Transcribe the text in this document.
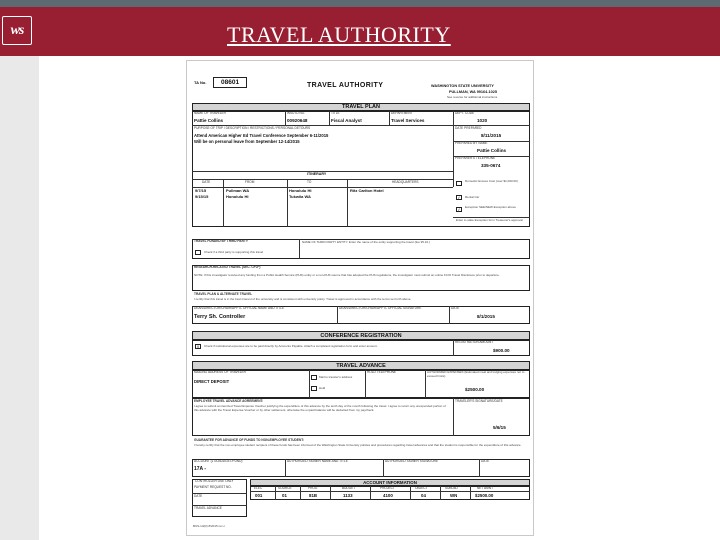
ws	TRAVEL AUTHORITY
TA No. 08601	TRAVEL AUTHORITY	WASHINGTON STATE UNIVERSITY
PULLMAN, WA 99164-1025
See reverse for additional instructions
TRAVEL PLAN
NAME OF TRAVELER
Pattie Collins
WSU ID NO.
00920648
TITLE
Fiscal Analyst
DEPARTMENT
Travel Services
DEPT. CODE
1020
PURPOSE OF TRIP / DESCRIPTION / RESTRICTIONS / PERSONAL DETOURS
Attend American Higher Ed Travel Conference September 6-11/2015
Will be on personal leave from September 12-14/2015
DATE PREPARED
8/11/2015
PREPARED BY NAME
Pattie Collins
PREPARER'S TELEPHONE
335-0674
ITINERARY
DATE	FROM	TO	HEADQUARTERS
9/7/15	Pullman WA	Honolulu HI	Ritz Carlton Hotel
9/15/15	Honolulu HI	Tukwila WA
Domestic Excess Cost (over $1,000.00)
✓	Rental Car
✓	Exception SEE/NEW Exception above
Enter in-state Exception form Treasurer's approval
TRAVEL FUNDED BY THIRD PARTY
Check if a third party is supporting this travel
NAME OF THIRD PARTY ENTITY. Enter the name of the entity supporting the travel (fee 95.10.)
RESEARCH-RELATED TRAVEL (SEC. CFO*)
NOTE: If this investigator received any funding from a Public Health Service (PHS) entity or a non-PHS source that has adopted the PHS regulations, the investigator must submit an online FCOI Travel Disclosure prior to departure.
TRAVEL PLAN & ALTERNATE TRAVEL
I certify that this travel is in the best interest of the university and is consistent with university policy. Travel is approved in accordance with the terms set forth above.
DEAN/DIRECTOR/CHAIR/APPTL OFFICIAL NAME AND TITLE
Terry Sh. Controller
DEAN/DIRECTOR/CHAIR/APPTL OFFICIAL SIGNATURE	DATE
8/1/2015
CONFERENCE REGISTRATION
X	Check if institutional expenses are to be paid directly by Accounts Payable. Attach a completed registration form and enter amount.
REGISTRATION AMOUNT
$900.00
TRAVEL ADVANCE
MAILING ADDRESS OF TRAVELER
DIRECT DEPOSIT
Mail to traveler's address
Hold
HOLD TELEPHONE	AUTHORIZED EXPENSES (Estimated meal and lodging expenses not to exceed limits)
$2500.00
EMPLOYEE TRAVEL ADVANCE AGREEMENT:
I agree to submit an itemized Travel Expense Voucher justifying the expenditure of this advance by the tenth day of the month following the travel. I agree to return any unexpended portion of this advance with the Travel Expense Voucher or by other settlement, otherwise the unpaid balance will be deducted from my paycheck.
TRAVELER'S SIGNATURE/DATE
5/6/15
GUARANTEE FOR ADVANCE OF FUNDS TO NON-EMPLOYEE STUDENT:
I hereby certify that the non-employee student recipient of these funds has been informed of the Washington State University policies and procedures regarding travel advances and that the student is responsible for the expenditure of this advance.
ACCOUNT (17A-BUDGET/FUND)
17A -
AUTHORIZED SIGNER NAME AND TITLE	AUTHORIZED SIGNER SIGNATURE	DATE
CONTROLLER USE ONLY
PAYMENT REQUEST NO.
DATE
TRAVEL ADVANCE
ACCOUNT INFORMATION
ELEC	SOURCE	PROG	BUDGET	PROJECT	OBJECT	SUBOBJ	NET AMNT
001	01	81B	1133	4100	04	WN	$2500.00
BUS-14(R) 8/2015 rev c
